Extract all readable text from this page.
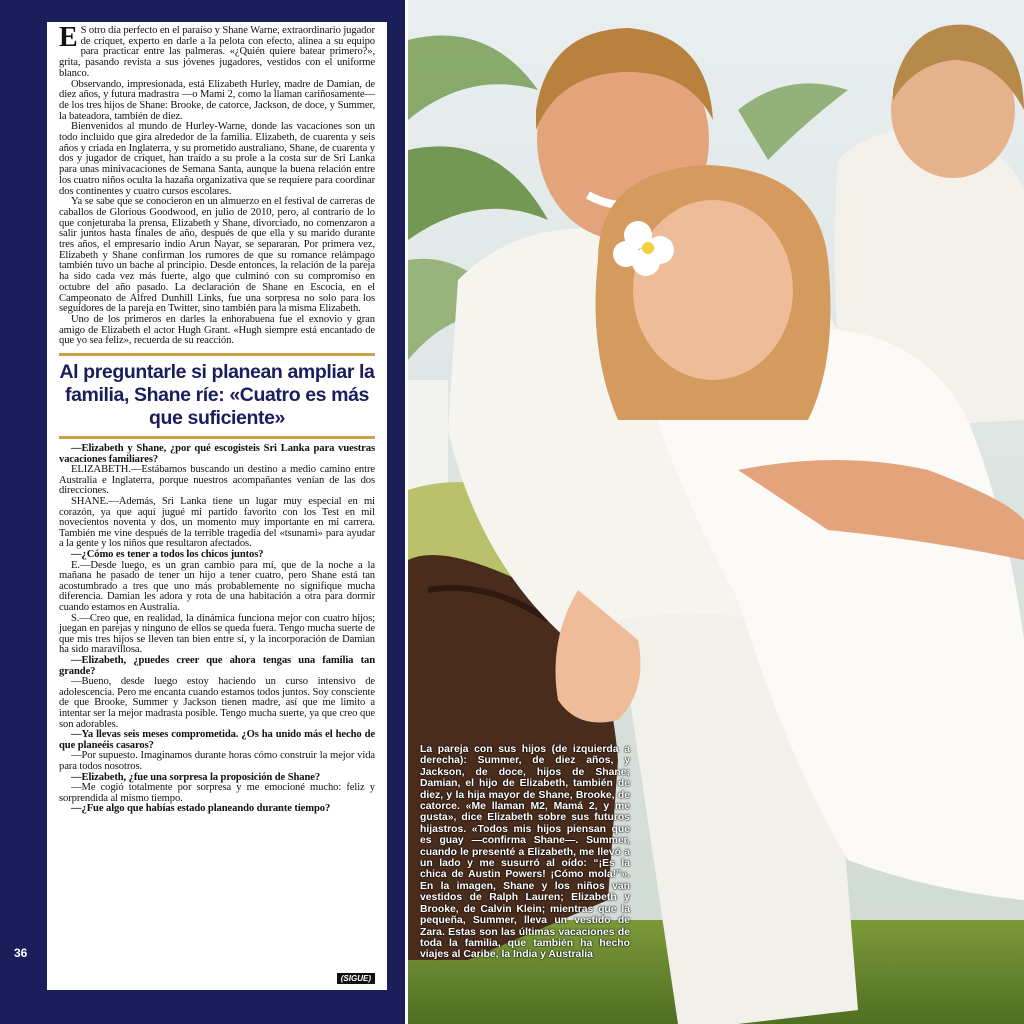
36

E S otro día perfecto en el paraíso y Shane Warne, extraordinario jugador de críquet, experto en darle a la pelota con efecto, alinea a su equipo para practicar entre las palmeras. «¿Quién quiere batear primero?», grita, pasando revista a sus jóvenes jugadores, vestidos con el uniforme blanco.

Observando, impresionada, está Elizabeth Hurley, madre de Damian, de diez años, y futura madrastra —o Mami 2, como la llaman cariñosamente— de los tres hijos de Shane: Brooke, de catorce, Jackson, de doce, y Summer, la bateadora, también de diez.

Bienvenidos al mundo de Hurley-Warne, donde las vacaciones son un todo incluido que gira alrededor de la familia. Elizabeth, de cuarenta y seis años y criada en Inglaterra, y su prometido australiano, Shane, de cuarenta y dos y jugador de críquet, han traído a su prole a la costa sur de Sri Lanka para unas minivacaciones de Semana Santa, aunque la buena relación entre los cuatro niños oculta la hazaña organizativa que se requiere para coordinar dos continentes y cuatro cursos escolares.

Ya se sabe que se conocieron en un almuerzo en el festival de carreras de caballos de Glorious Goodwood, en julio de 2010, pero, al contrario de lo que conjeturaba la prensa, Elizabeth y Shane, divorciado, no comenzaron a salir juntos hasta finales de año, después de que ella y su marido durante tres años, el empresario indio Arun Nayar, se separaran. Por primera vez, Elizabeth y Shane confirman los rumores de que su romance relámpago también tuvo un bache al principio. Desde entonces, la relación de la pareja ha sido cada vez más fuerte, algo que culminó con su compromiso en octubre del año pasado. La declaración de Shane en Escocia, en el Campeonato de Alfred Dunhill Links, fue una sorpresa no solo para los seguidores de la pareja en Twitter, sino también para la misma Elizabeth.

Uno de los primeros en darles la enhorabuena fue el exnovio y gran amigo de Elizabeth el actor Hugh Grant. «Hugh siempre está encantado de que yo sea feliz», recuerda de su reacción.

Al preguntarle si planean ampliar la familia, Shane ríe: «Cuatro es más que suficiente»

—Elizabeth y Shane, ¿por qué escogisteis Sri Lanka para vuestras vacaciones familiares?

ELIZABETH.—Estábamos buscando un destino a medio camino entre Australia e Inglaterra, porque nuestros acompañantes venían de las dos direcciones.

SHANE.—Además, Sri Lanka tiene un lugar muy especial en mi corazón, ya que aquí jugué mi partido favorito con los Test en mil novecientos noventa y dos, un momento muy importante en mi carrera. También me vine después de la terrible tragedia del «tsunami» para ayudar a la gente y los niños que resultaron afectados.

—¿Cómo es tener a todos los chicos juntos?

E.—Desde luego, es un gran cambio para mí, que de la noche a la mañana he pasado de tener un hijo a tener cuatro, pero Shane está tan acostumbrado a tres que uno más probablemente no signifique mucha diferencia. Damian les adora y rota de una habitación a otra para dormir cuando estamos en Australia.

S.—Creo que, en realidad, la dinámica funciona mejor con cuatro hijos; juegan en parejas y ninguno de ellos se queda fuera. Tengo mucha suerte de que mis tres hijos se lleven tan bien entre sí, y la incorporación de Damian ha sido maravillosa.

—Elizabeth, ¿puedes creer que ahora tengas una familia tan grande?

—Bueno, desde luego estoy haciendo un curso intensivo de adolescencia. Pero me encanta cuando estamos todos juntos. Soy consciente de que Brooke, Summer y Jackson tienen madre, así que me limito a intentar ser la mejor madrasta posible. Tengo mucha suerte, ya que creo que son adorables.

—Ya llevas seis meses comprometida. ¿Os ha unido más el hecho de que planeéis casaros?

—Por supuesto. Imaginamos durante horas cómo construir la mejor vida para todos nosotros.

—Elizabeth, ¿fue una sorpresa la proposición de Shane?

—Me cogió totalmente por sorpresa y me emocioné mucho: feliz y sorprendida al mismo tiempo.

—¿Fue algo que habías estado planeando durante tiempo?

(SIGUE)
La pareja con sus hijos (de izquierda a derecha): Summer, de diez años, y Jackson, de doce, hijos de Shane; Damian, el hijo de Elizabeth, también de diez, y la hija mayor de Shane, Brooke, de catorce. «Me llaman M2, Mamá 2, y me gusta», dice Elizabeth sobre sus futuros hijastros. «Todos mis hijos piensan que es guay —confirma Shane—. Summer, cuando le presenté a Elizabeth, me llevó a un lado y me susurró al oído: “¡Es la chica de Austin Powers! ¡Cómo mola!”». En la imagen, Shane y los niños van vestidos de Ralph Lauren; Elizabeth y Brooke, de Calvin Klein; mientras que la pequeña, Summer, lleva un vestido de Zara. Estas son las últimas vacaciones de toda la familia, que también ha hecho viajes al Caribe, la India y Australia
